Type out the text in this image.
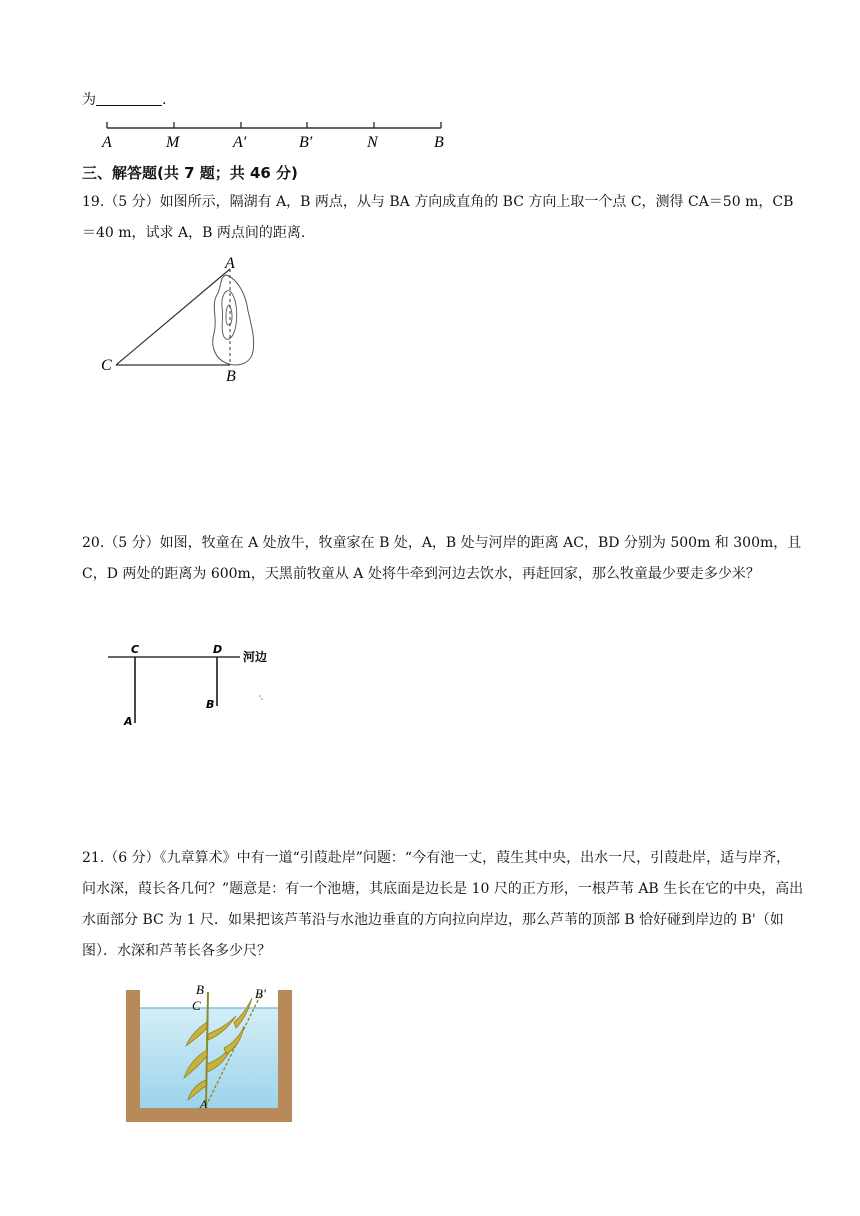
为	.
A	M	A′	B′	N	B
三、解答题(共 7 题；共 46 分)
19.（5 分）如图所示，隔湖有 A，B 两点，从与 BA 方向成直角的 BC 方向上取一个点 C，测得 CA＝50 m，CB＝40 m，试求 A，B 两点间的距离.
A
B
C
20.（5 分）如图，牧童在 A 处放牛，牧童家在 B 处，A，B 处与河岸的距离 AC，BD 分别为 500m 和 300m，且 C，D 两处的距离为 600m，天黑前牧童从 A 处将牛牵到河边去饮水，再赶回家，那么牧童最少要走多少米？
C	D
河边
A
B
21.（6 分）《九章算术》中有一道“引葭赴岸”问题：“今有池一丈，葭生其中央，出水一尺，引葭赴岸，适与岸齐，问水深，葭长各几何？”题意是：有一个池塘，其底面是边长是 10 尺的正方形，一根芦苇 AB 生长在它的中央，高出水面部分 BC 为 1 尺．如果把该芦苇沿与水池边垂直的方向拉向岸边，那么芦苇的顶部 B 恰好碰到岸边的 B'（如图）．水深和芦苇长各多少尺？
B	B'
C
A
